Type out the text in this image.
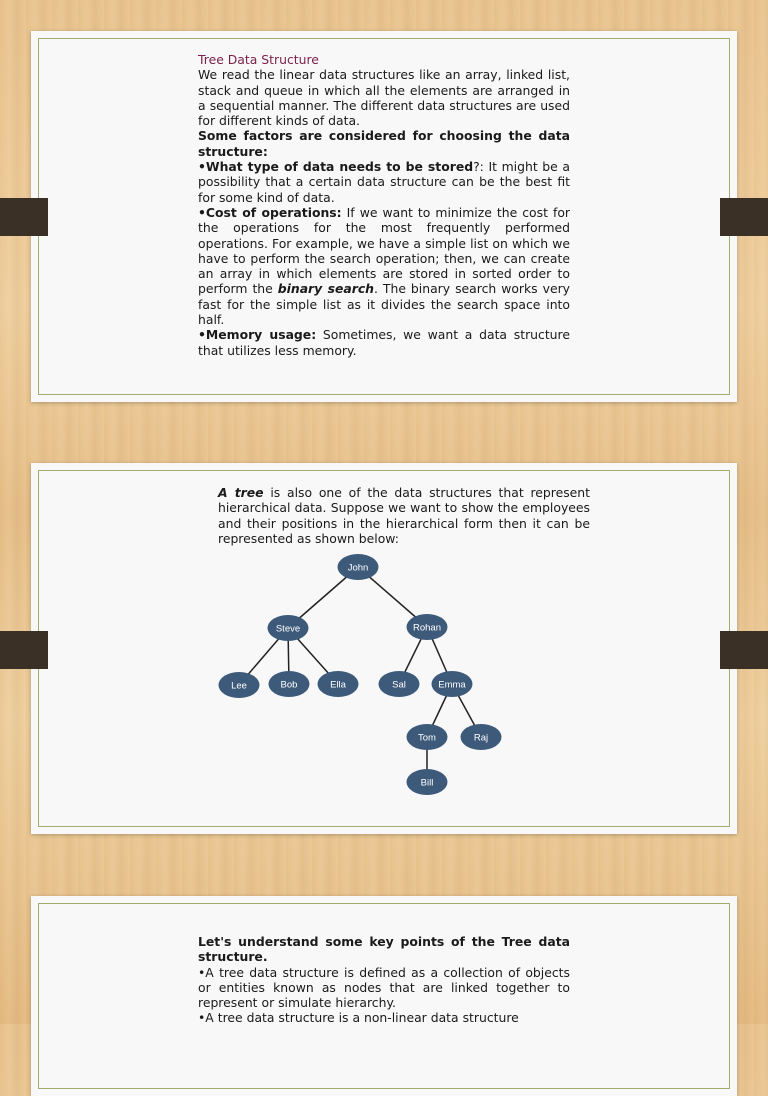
Tree Data Structure

We read the linear data structures like an array, linked list, stack and queue in which all the elements are arranged in a sequential manner. The different data structures are used for different kinds of data.

Some factors are considered for choosing the data structure:

•What type of data needs to be stored?: It might be a possibility that a certain data structure can be the best fit for some kind of data.

•Cost of operations: If we want to minimize the cost for the operations for the most frequently performed operations. For example, we have a simple list on which we have to perform the search operation; then, we can create an array in which elements are stored in sorted order to perform the binary search. The binary search works very fast for the simple list as it divides the search space into half.

•Memory usage: Sometimes, we want a data structure that utilizes less memory.

A tree is also one of the data structures that represent hierarchical data. Suppose we want to show the employees and their positions in the hierarchical form then it can be represented as shown below:

John
Steve	Rohan
Lee	Bob	Ella	Sal	Emma
Tom	Raj
Bill

Let's understand some key points of the Tree data structure.

•A tree data structure is defined as a collection of objects or entities known as nodes that are linked together to represent or simulate hierarchy.

•A tree data structure is a non-linear data structure
